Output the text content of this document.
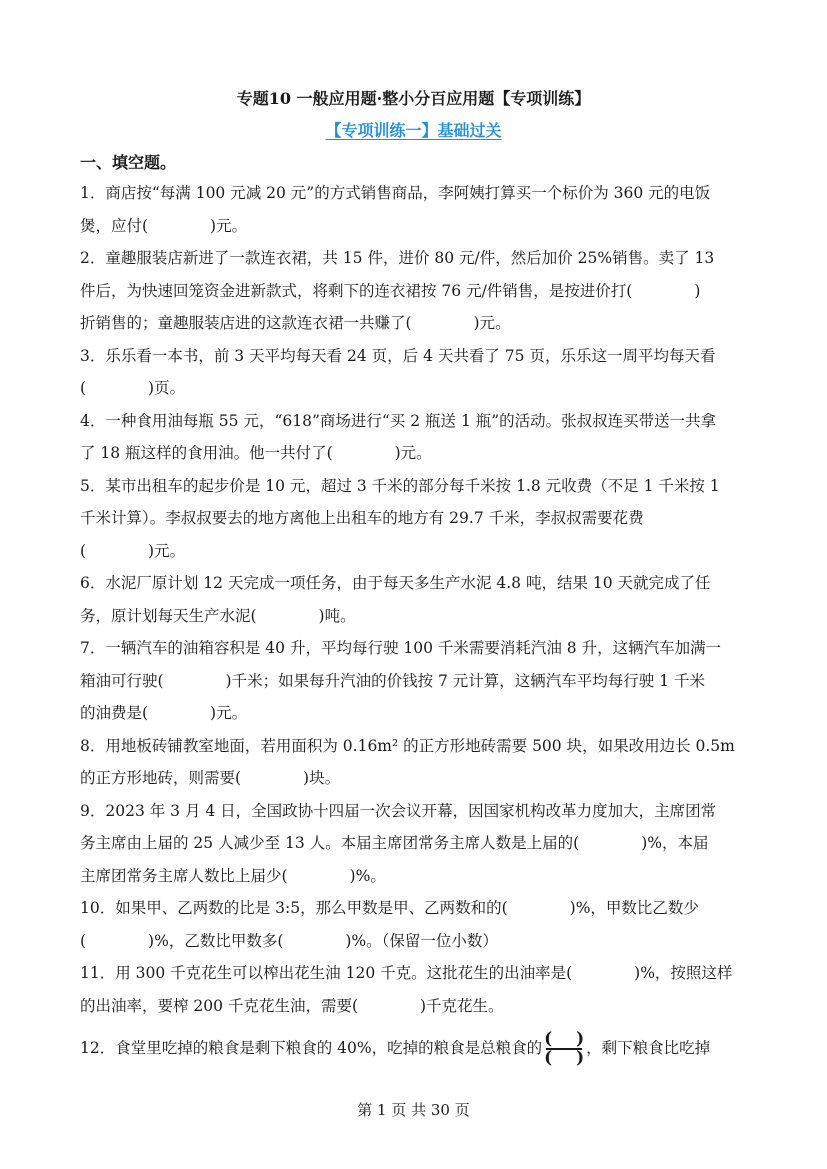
专题10 一般应用题·整小分百应用题【专项训练】
【专项训练一】基础过关
一、填空题。
1．商店按“每满 100 元减 20 元”的方式销售商品，李阿姨打算买一个标价为 360 元的电饭
煲，应付(　　　　)元。
2．童趣服装店新进了一款连衣裙，共 15 件，进价 80 元/件，然后加价 25%销售。卖了 13
件后，为快速回笼资金进新款式，将剩下的连衣裙按 76 元/件销售，是按进价打(　　　　)
折销售的；童趣服装店进的这款连衣裙一共赚了(　　　　)元。
3．乐乐看一本书，前 3 天平均每天看 24 页，后 4 天共看了 75 页，乐乐这一周平均每天看
(　　　　)页。
4．一种食用油每瓶 55 元，“618”商场进行“买 2 瓶送 1 瓶”的活动。张叔叔连买带送一共拿
了 18 瓶这样的食用油。他一共付了(　　　　)元。
5．某市出租车的起步价是 10 元，超过 3 千米的部分每千米按 1.8 元收费（不足 1 千米按 1
千米计算）。李叔叔要去的地方离他上出租车的地方有 29.7 千米，李叔叔需要花费
(　　　　)元。
6．水泥厂原计划 12 天完成一项任务，由于每天多生产水泥 4.8 吨，结果 10 天就完成了任
务，原计划每天生产水泥(　　　　)吨。
7．一辆汽车的油箱容积是 40 升，平均每行驶 100 千米需要消耗汽油 8 升，这辆汽车加满一
箱油可行驶(　　　　)千米；如果每升汽油的价钱按 7 元计算，这辆汽车平均每行驶 1 千米
的油费是(　　　　)元。
8．用地板砖铺教室地面，若用面积为 0.16m² 的正方形地砖需要 500 块，如果改用边长 0.5m
的正方形地砖，则需要(　　　　)块。
9．2023 年 3 月 4 日，全国政协十四届一次会议开幕，因国家机构改革力度加大，主席团常
务主席由上届的 25 人减少至 13 人。本届主席团常务主席人数是上届的(　　　　)%，本届
主席团常务主席人数比上届少(　　　　)%。
10．如果甲、乙两数的比是 3:5，那么甲数是甲、乙两数和的(　　　　)%，甲数比乙数少
(　　　　)%，乙数比甲数多(　　　　)%。（保留一位小数）
11．用 300 千克花生可以榨出花生油 120 千克。这批花生的出油率是(　　　　)%，按照这样
的出油率，要榨 200 千克花生油，需要(　　　　)千克花生。
12．食堂里吃掉的粮食是剩下粮食的 40%，吃掉的粮食是总粮食的 $\frac{( )}{( )}$ ，剩下粮食比吃掉
第 1 页 共 30 页
